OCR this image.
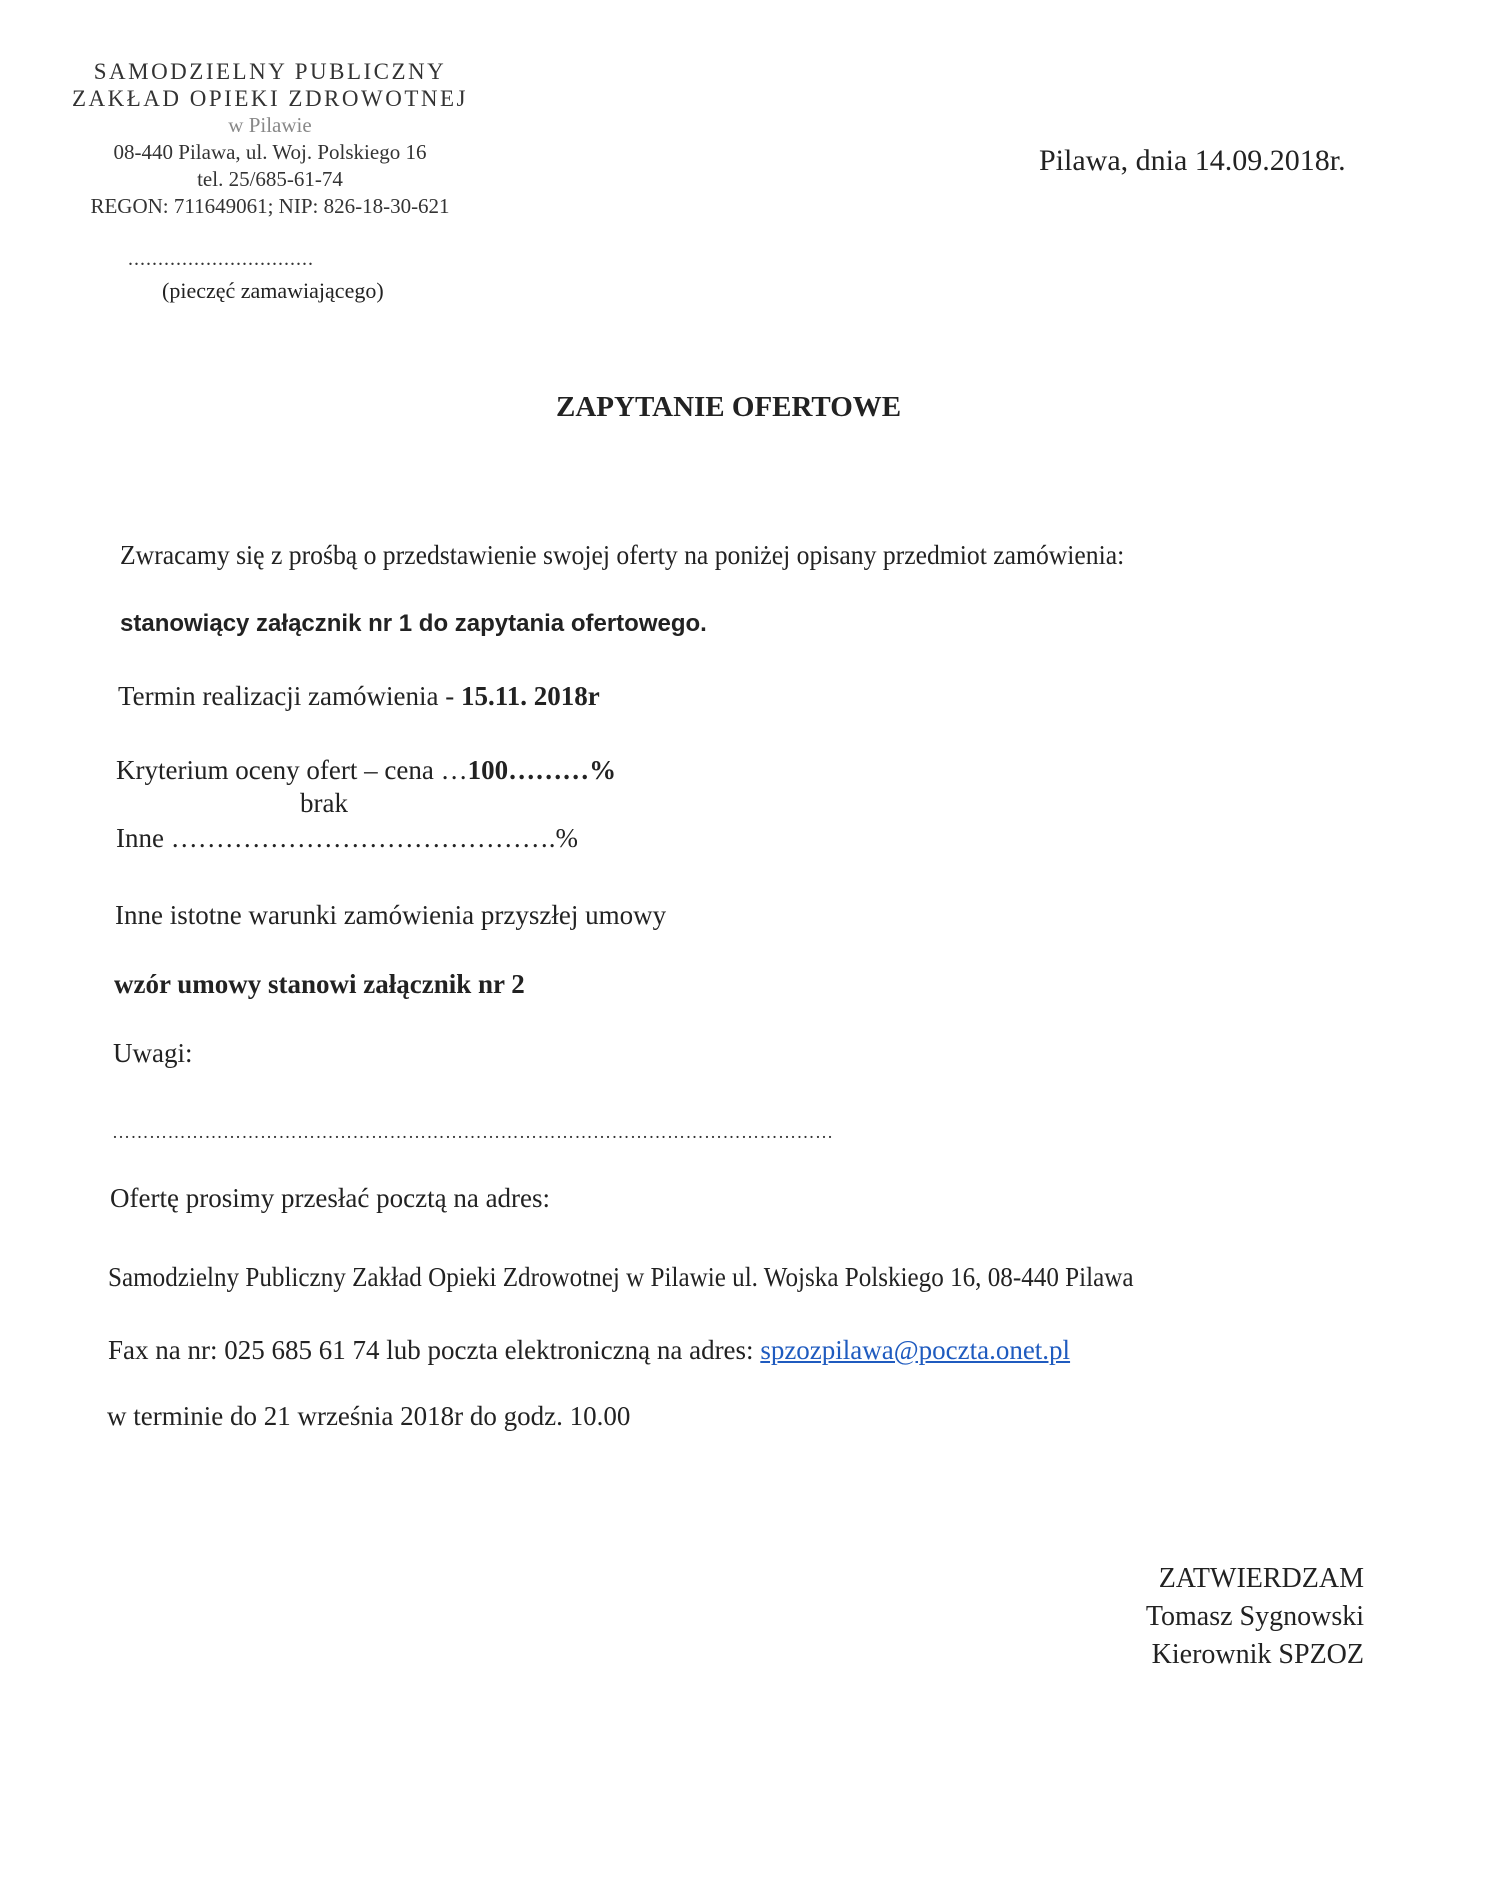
SAMODZIELNY PUBLICZNY
ZAKŁAD OPIEKI ZDROWOTNEJ
w Pilawie
08-440 Pilawa, ul. Woj. Polskiego 16
tel. 25/685-61-74
REGON: 711649061; NIP: 826-18-30-621
...............................
(pieczęć zamawiającego)
Pilawa, dnia 14.09.2018r.
ZAPYTANIE OFERTOWE
Zwracamy się z prośbą o przedstawienie swojej oferty na poniżej opisany przedmiot zamówienia:
stanowiący załącznik nr 1 do zapytania ofertowego.
Termin realizacji zamówienia - 15.11. 2018r
Kryterium oceny ofert – cena …100………%
brak
Inne …………………………………….%
Inne istotne warunki zamówienia przyszłej umowy
wzór umowy stanowi załącznik nr 2
Uwagi:
………………………………………………………………………………………………………
Ofertę prosimy przesłać pocztą na adres:
Samodzielny Publiczny Zakład Opieki Zdrowotnej w Pilawie ul. Wojska Polskiego 16, 08-440 Pilawa
Fax na nr: 025 685 61 74 lub poczta elektroniczną na adres: spzozpilawa@poczta.onet.pl
w terminie do 21 września 2018r do godz. 10.00
ZATWIERDZAM
Tomasz Sygnowski
Kierownik SPZOZ
